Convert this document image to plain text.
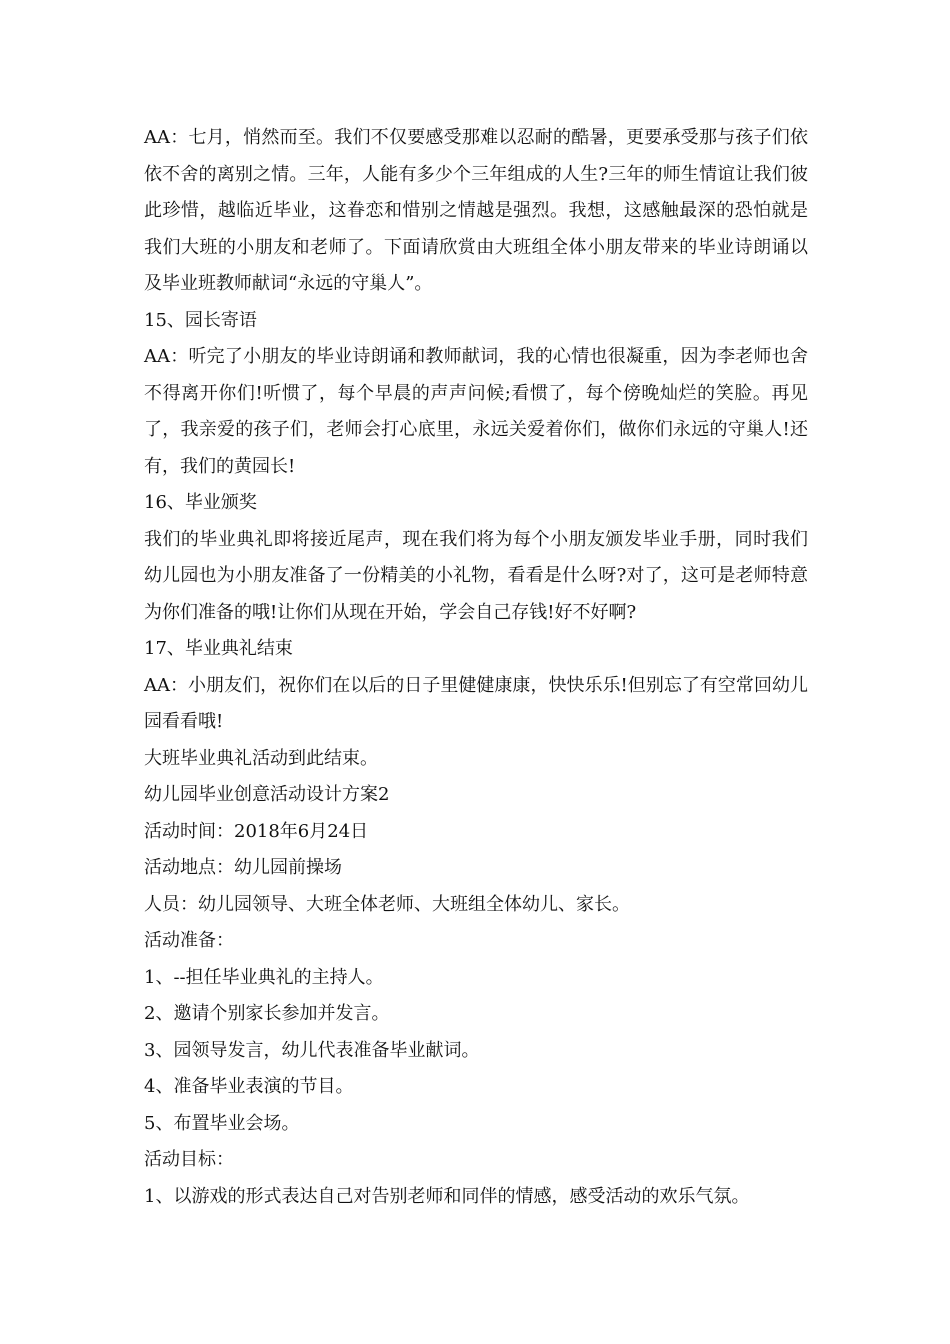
AA：七月，悄然而至。我们不仅要感受那难以忍耐的酷暑，更要承受那与孩子们依依不舍的离别之情。三年，人能有多少个三年组成的人生?三年的师生情谊让我们彼此珍惜，越临近毕业，这眷恋和惜别之情越是强烈。我想，这感触最深的恐怕就是我们大班的小朋友和老师了。下面请欣赏由大班组全体小朋友带来的毕业诗朗诵以及毕业班教师献词“永远的守巢人”。

15、园长寄语

AA：听完了小朋友的毕业诗朗诵和教师献词，我的心情也很凝重，因为李老师也舍不得离开你们!听惯了，每个早晨的声声问候;看惯了，每个傍晚灿烂的笑脸。再见了，我亲爱的孩子们，老师会打心底里，永远关爱着你们，做你们永远的守巢人!还有，我们的黄园长!

16、毕业颁奖

我们的毕业典礼即将接近尾声，现在我们将为每个小朋友颁发毕业手册，同时我们幼儿园也为小朋友准备了一份精美的小礼物，看看是什么呀?对了，这可是老师特意为你们准备的哦!让你们从现在开始，学会自己存钱!好不好啊?

17、毕业典礼结束

AA：小朋友们，祝你们在以后的日子里健健康康，快快乐乐!但别忘了有空常回幼儿园看看哦!

大班毕业典礼活动到此结束。

幼儿园毕业创意活动设计方案2

活动时间：2018年6月24日

活动地点：幼儿园前操场

人员：幼儿园领导、大班全体老师、大班组全体幼儿、家长。

活动准备：

1、--担任毕业典礼的主持人。

2、邀请个别家长参加并发言。

3、园领导发言，幼儿代表准备毕业献词。

4、准备毕业表演的节目。

5、布置毕业会场。

活动目标：

1、以游戏的形式表达自己对告别老师和同伴的情感，感受活动的欢乐气氛。
